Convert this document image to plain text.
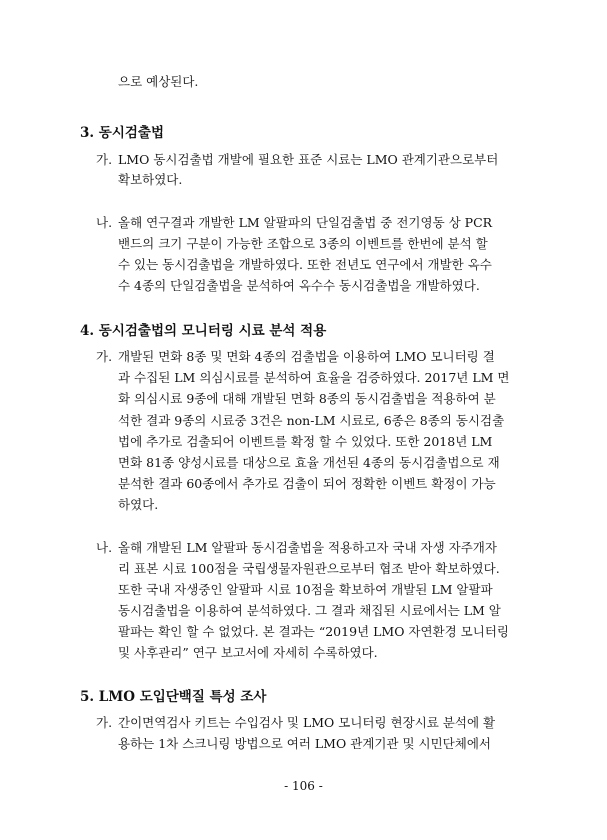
으로 예상된다.
3. 동시검출법
가. LMO 동시검출법 개발에 필요한 표준 시료는 LMO 관계기관으로부터
확보하였다.
나. 올해 연구결과 개발한 LM 알팔파의 단일검출법 중 전기영동 상 PCR
밴드의 크기 구분이 가능한 조합으로 3종의 이벤트를 한번에 분석 할
수 있는 동시검출법을 개발하였다. 또한 전년도 연구에서 개발한 옥수
수 4종의 단일검출법을 분석하여 옥수수 동시검출법을 개발하였다.
4. 동시검출법의 모니터링 시료 분석 적용
가. 개발된 면화 8종 및 면화 4종의 검출법을 이용하여 LMO 모니터링 결
과 수집된 LM 의심시료를 분석하여 효율을 검증하였다. 2017년 LM 면
화 의심시료 9종에 대해 개발된 면화 8종의 동시검출법을 적용하여 분
석한 결과 9종의 시료중 3건은 non-LM 시료로, 6종은 8종의 동시검출
법에 추가로 검출되어 이벤트를 확정 할 수 있었다. 또한 2018년 LM
면화 81종 양성시료를 대상으로 효율 개선된 4종의 동시검출법으로 재
분석한 결과 60종에서 추가로 검출이 되어 정확한 이벤트 확정이 가능
하였다.
나. 올해 개발된 LM 알팔파 동시검출법을 적용하고자 국내 자생 자주개자
리 표본 시료 100점을 국립생물자원관으로부터 협조 받아 확보하였다.
또한 국내 자생중인 알팔파 시료 10점을 확보하여 개발된 LM 알팔파
동시검출법을 이용하여 분석하였다. 그 결과 채집된 시료에서는 LM 알
팔파는 확인 할 수 없었다. 본 결과는 “2019년 LMO 자연환경 모니터링
및 사후관리” 연구 보고서에 자세히 수록하였다.
5. LMO 도입단백질 특성 조사
가. 간이면역검사 키트는 수입검사 및 LMO 모니터링 현장시료 분석에 활
용하는 1차 스크니링 방법으로 여러 LMO 관계기관 및 시민단체에서
- 106 -
